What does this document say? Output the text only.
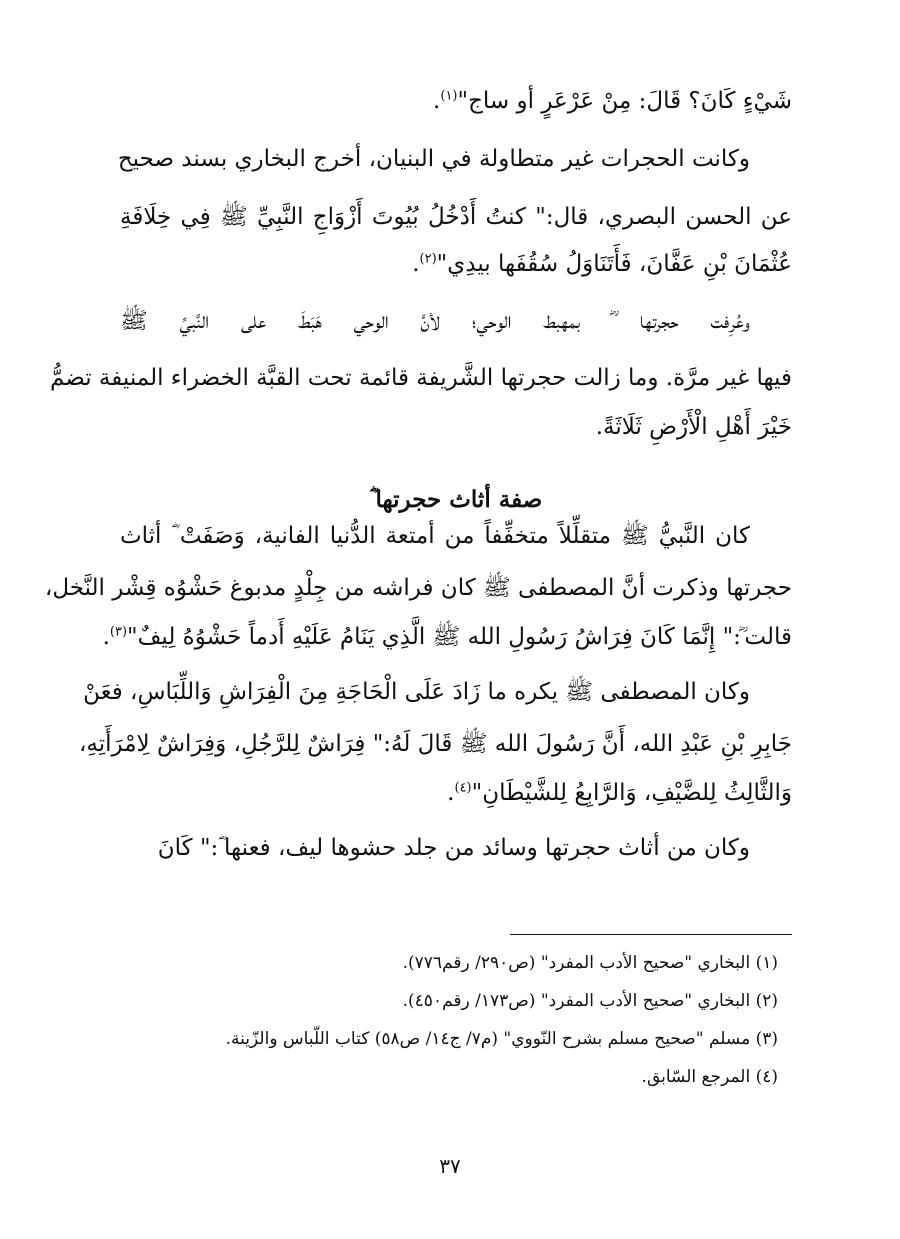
شَيْءٍ كَانَ؟ قَالَ: مِنْ عَرْعَرٍ أو ساج"$^{(١)}$.
وكانت الحجرات غير متطاولة في البنيان، أخرج البخاري بسند صحيح
عن الحسن البصري، قال:" كنتُ أَدْخُلُ بُيُوتَ أَزْوَاجِ النَّبِيِّ ﷺ فِي خِلَافَةِ
عُثْمَانَ بْنِ عَفَّانَ، فَأَتَنَاوَلُ سُقُفَها بيدِي"$^{(٢)}$.
وعُرِفت حجرتها ؓ بمهبط الوحي؛ لأنَّ الوحي هَبَطَ على النَّبيِّ ﷺ
فيها غير مرَّة. وما زالت حجرتها الشَّريفة قائمة تحت القبَّة الخضراء المنيفة تضمُّ
خَيْرَ أَهْلِ الْأَرْضِ ثَلَاثَةً.
صفة أثاث حجرتها ؓ
كان النَّبيُّ ﷺ متقلِّلاً متخفِّفاً من أمتعة الدُّنيا الفانية، وَصَفَتْ ؓ أثاث
حجرتها وذكرت أنَّ المصطفى ﷺ كان فراشه من جِلْدٍ مدبوغ حَشْوُه قِشْر النَّخل،
قالت ؓ:" إِنَّمَا كَانَ فِرَاشُ رَسُولِ الله ﷺ الَّذِي يَنَامُ عَلَيْهِ أَدماً حَشْوُهُ لِيفٌ"$^{(٣)}$.
وكان المصطفى ﷺ يكره ما زَادَ عَلَى الْحَاجَةِ مِنَ الْفِرَاشِ وَاللِّبَاسِ، فعَنْ
جَابِرِ بْنِ عَبْدِ الله، أَنَّ رَسُولَ الله ﷺ قَالَ لَهُ:" فِرَاشٌ لِلرَّجُلِ، وَفِرَاشٌ لِامْرَأَتِهِ،
وَالثَّالِثُ لِلضَّيْفِ، وَالرَّابِعُ لِلشَّيْطَانِ"$^{(٤)}$.
وكان من أثاث حجرتها وسائد من جلد حشوها ليف، فعنها ؓ:" كَانَ
(١) البخاري "صحيح الأدب المفرد" (ص٢٩٠/ رقم٧٧٦).
(٢) البخاري "صحيح الأدب المفرد" (ص١٧٣/ رقم٤٥٠).
(٣) مسلم "صحيح مسلم بشرح النّووي" (م٧/ ج١٤/ ص٥٨) كتاب اللّباس والزّينة.
(٤) المرجع السّابق.
٣٧
